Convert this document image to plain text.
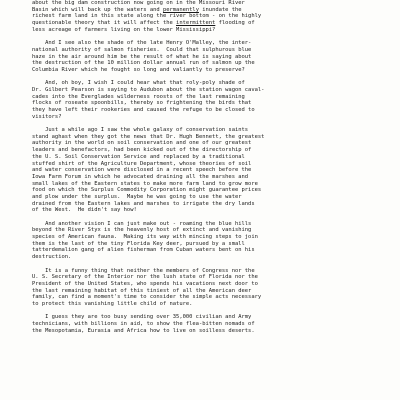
about the big dam construction now going on in the Missouri River
Basin which will back up the waters and permanently inundate the
richest farm land in this state along the river bottom - on the highly
questionable theory that it will affect the intermittent flooding of
less acreage of farmers living on the lower Mississippi?
And I see also the shade of the late Henry O'Malley, the inter-
national authority of salmon fisheries.  Could that sulphurous blue
haze in the air around him be the result of what he is saying about
the destruction of the 10 million dollar annual run of salmon up the
Columbia River which he fought so long and valiantly to preserve?
And, oh boy, I wish I could hear what that roly-poly shade of
Dr. Gilbert Pearson is saying to Audubon about the station wagon caval-
cades into the Everglades wilderness roosts of the last remaining
flocks of roseate spoonbills, thereby so frightening the birds that
they have left their rookeries and caused the refuge to be closed to
visitors?
Just a while ago I saw the whole galaxy of conservation saints
stand aghast when they got the news that Dr. Hugh Bennett, the greatest
authority in the world on soil conservation and one of our greatest
leaders and benefactors, had been kicked out of the directorship of
the U. S. Soil Conservation Service and replaced by a traditional
stuffed shirt of the Agriculture Department, whose theories of soil
and water conservation were disclosed in a recent speech before the
Iowa Farm Forum in which he advocated draining all the marshes and
small lakes of the Eastern states to make more farm land to grow more
food on which the Surplus Commodity Corporation might guarantee prices
and plow under the surplus.  Maybe he was going to use the water
drained from the Eastern lakes and marshes to irrigate the dry lands
of the West.  He didn't say how!
And another vision I can just make out - roaming the blue hills
beyond the River Styx is the heavenly host of extinct and vanishing
species of American fauna.  Making its way with mincing steps to join
them is the last of the tiny Florida Key deer, pursued by a small
tatterdemalion gang of alien fisherman from Cuban waters bent on his
destruction.
It is a funny thing that neither the members of Congress nor the
U. S. Secretary of the Interior nor the lush state of Florida nor the
President of the United States, who spends his vacations next door to
the last remaining habitat of this tiniest of all the American deer
family, can find a moment's time to consider the simple acts necessary
to protect this vanishing little child of nature.
I guess they are too busy sending over 35,000 civilian and Army
technicians, with billions in aid, to show the flea-bitten nomads of
the Mesopotamia, Eurasia and Africa how to live on soilless deserts.
